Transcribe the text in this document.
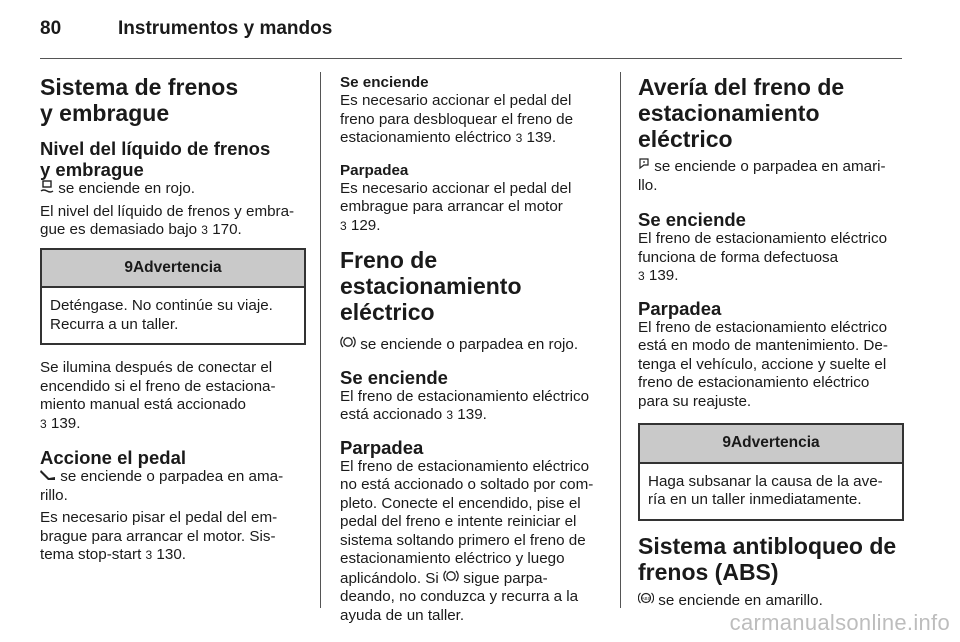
80	Instrumentos y mandos
Sistema de frenos
y embrague
Nivel del líquido de frenos
y embrague

se enciende en rojo.

El nivel del líquido de frenos y embra-
gue es demasiado bajo 3 170.

9Advertencia
Deténgase. No continúe su viaje.
Recurra a un taller.

Se ilumina después de conectar el
encendido si el freno de estaciona-
miento manual está accionado
3 139.

Accione el pedal

se enciende o parpadea en ama-
rillo.

Es necesario pisar el pedal del em-
brague para arrancar el motor. Sis-
tema stop-start 3 130.

Se enciende

Es necesario accionar el pedal del
freno para desbloquear el freno de
estacionamiento eléctrico 3 139.

Parpadea

Es necesario accionar el pedal del
embrague para arrancar el motor
3 129.

Freno de estacionamiento
eléctrico

se enciende o parpadea en rojo.

Se enciende

El freno de estacionamiento eléctrico
está accionado 3 139.

Parpadea

El freno de estacionamiento eléctrico
no está accionado o soltado por com-
pleto. Conecte el encendido, pise el
pedal del freno e intente reiniciar el
sistema soltando primero el freno de
estacionamiento eléctrico y luego
aplicándolo. Si  sigue parpa-
deando, no conduzca y recurra a la
ayuda de un taller.

Avería del freno de
estacionamiento eléctrico

se enciende o parpadea en amari-
llo.

Se enciende

El freno de estacionamiento eléctrico
funciona de forma defectuosa
3 139.

Parpadea

El freno de estacionamiento eléctrico
está en modo de mantenimiento. De-
tenga el vehículo, accione y suelte el
freno de estacionamiento eléctrico
para su reajuste.

9Advertencia
Haga subsanar la causa de la ave-
ría en un taller inmediatamente.
Sistema antibloqueo de
frenos (ABS)

ABS se enciende en amarillo.

carmanualsonline.info
